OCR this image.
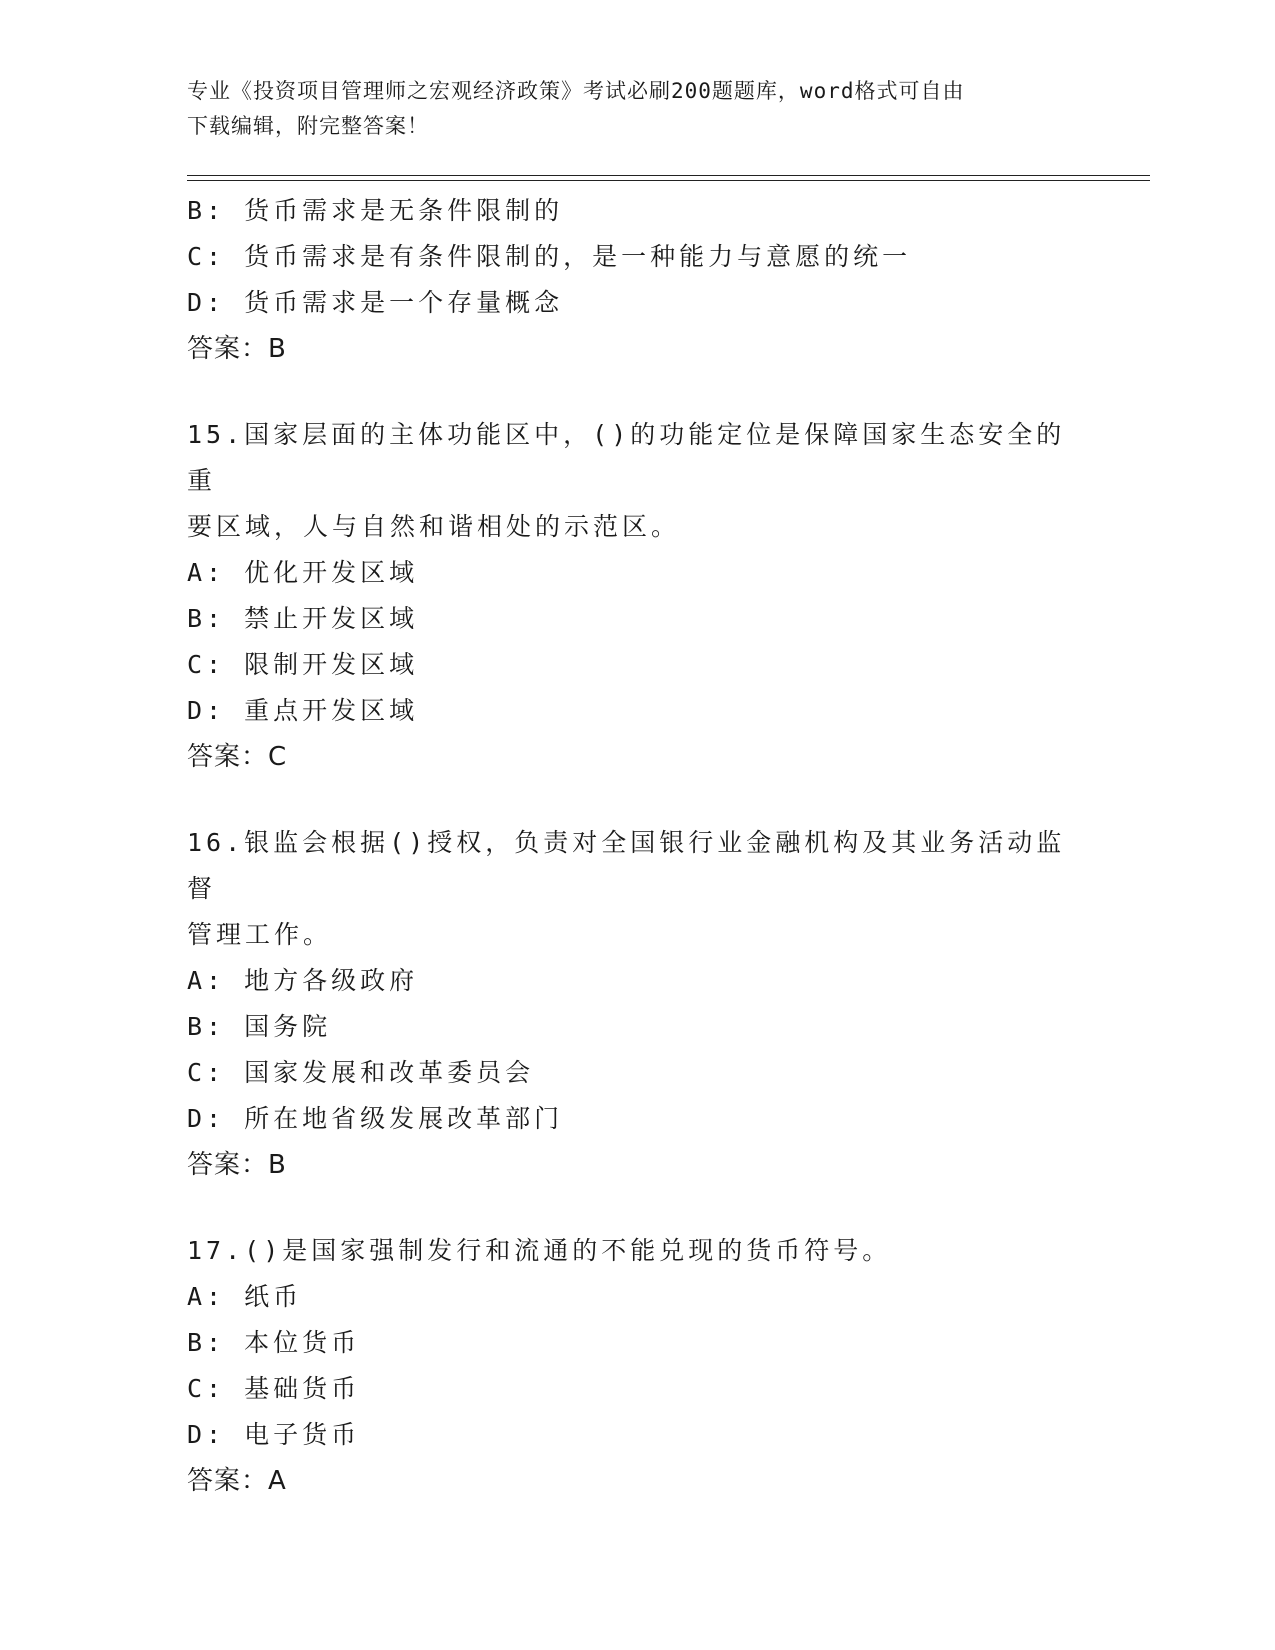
专业《投资项目管理师之宏观经济政策》考试必刷200题题库，word格式可自由
下载编辑，附完整答案！
B: 货币需求是无条件限制的
C: 货币需求是有条件限制的，是一种能力与意愿的统一
D: 货币需求是一个存量概念
答案：B
15.国家层面的主体功能区中，()的功能定位是保障国家生态安全的重
要区域，人与自然和谐相处的示范区。
A: 优化开发区域
B: 禁止开发区域
C: 限制开发区域
D: 重点开发区域
答案：C
16.银监会根据()授权，负责对全国银行业金融机构及其业务活动监督
管理工作。
A: 地方各级政府
B: 国务院
C: 国家发展和改革委员会
D: 所在地省级发展改革部门
答案：B
17.()是国家强制发行和流通的不能兑现的货币符号。
A: 纸币
B: 本位货币
C: 基础货币
D: 电子货币
答案：A
